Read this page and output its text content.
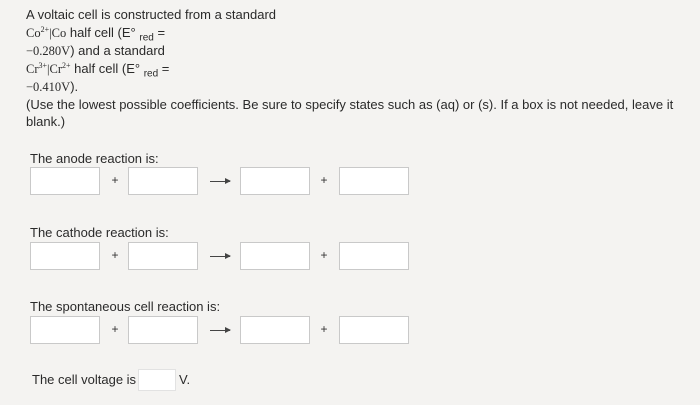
A voltaic cell is constructed from a standard
$Co^{2+}|Co$ half cell (E° $_{red}$ =
−0.280V) and a standard
$Cr^{3+}|Cr^{2+}$ half cell (E° $_{red}$ =
−0.410V).
(Use the lowest possible coefficients. Be sure to specify states such as (aq) or (s). If a box is not needed, leave it blank.)
The anode reaction is:
+	+
The cathode reaction is:
+	+
The spontaneous cell reaction is:
+	+
The cell voltage is	V.
